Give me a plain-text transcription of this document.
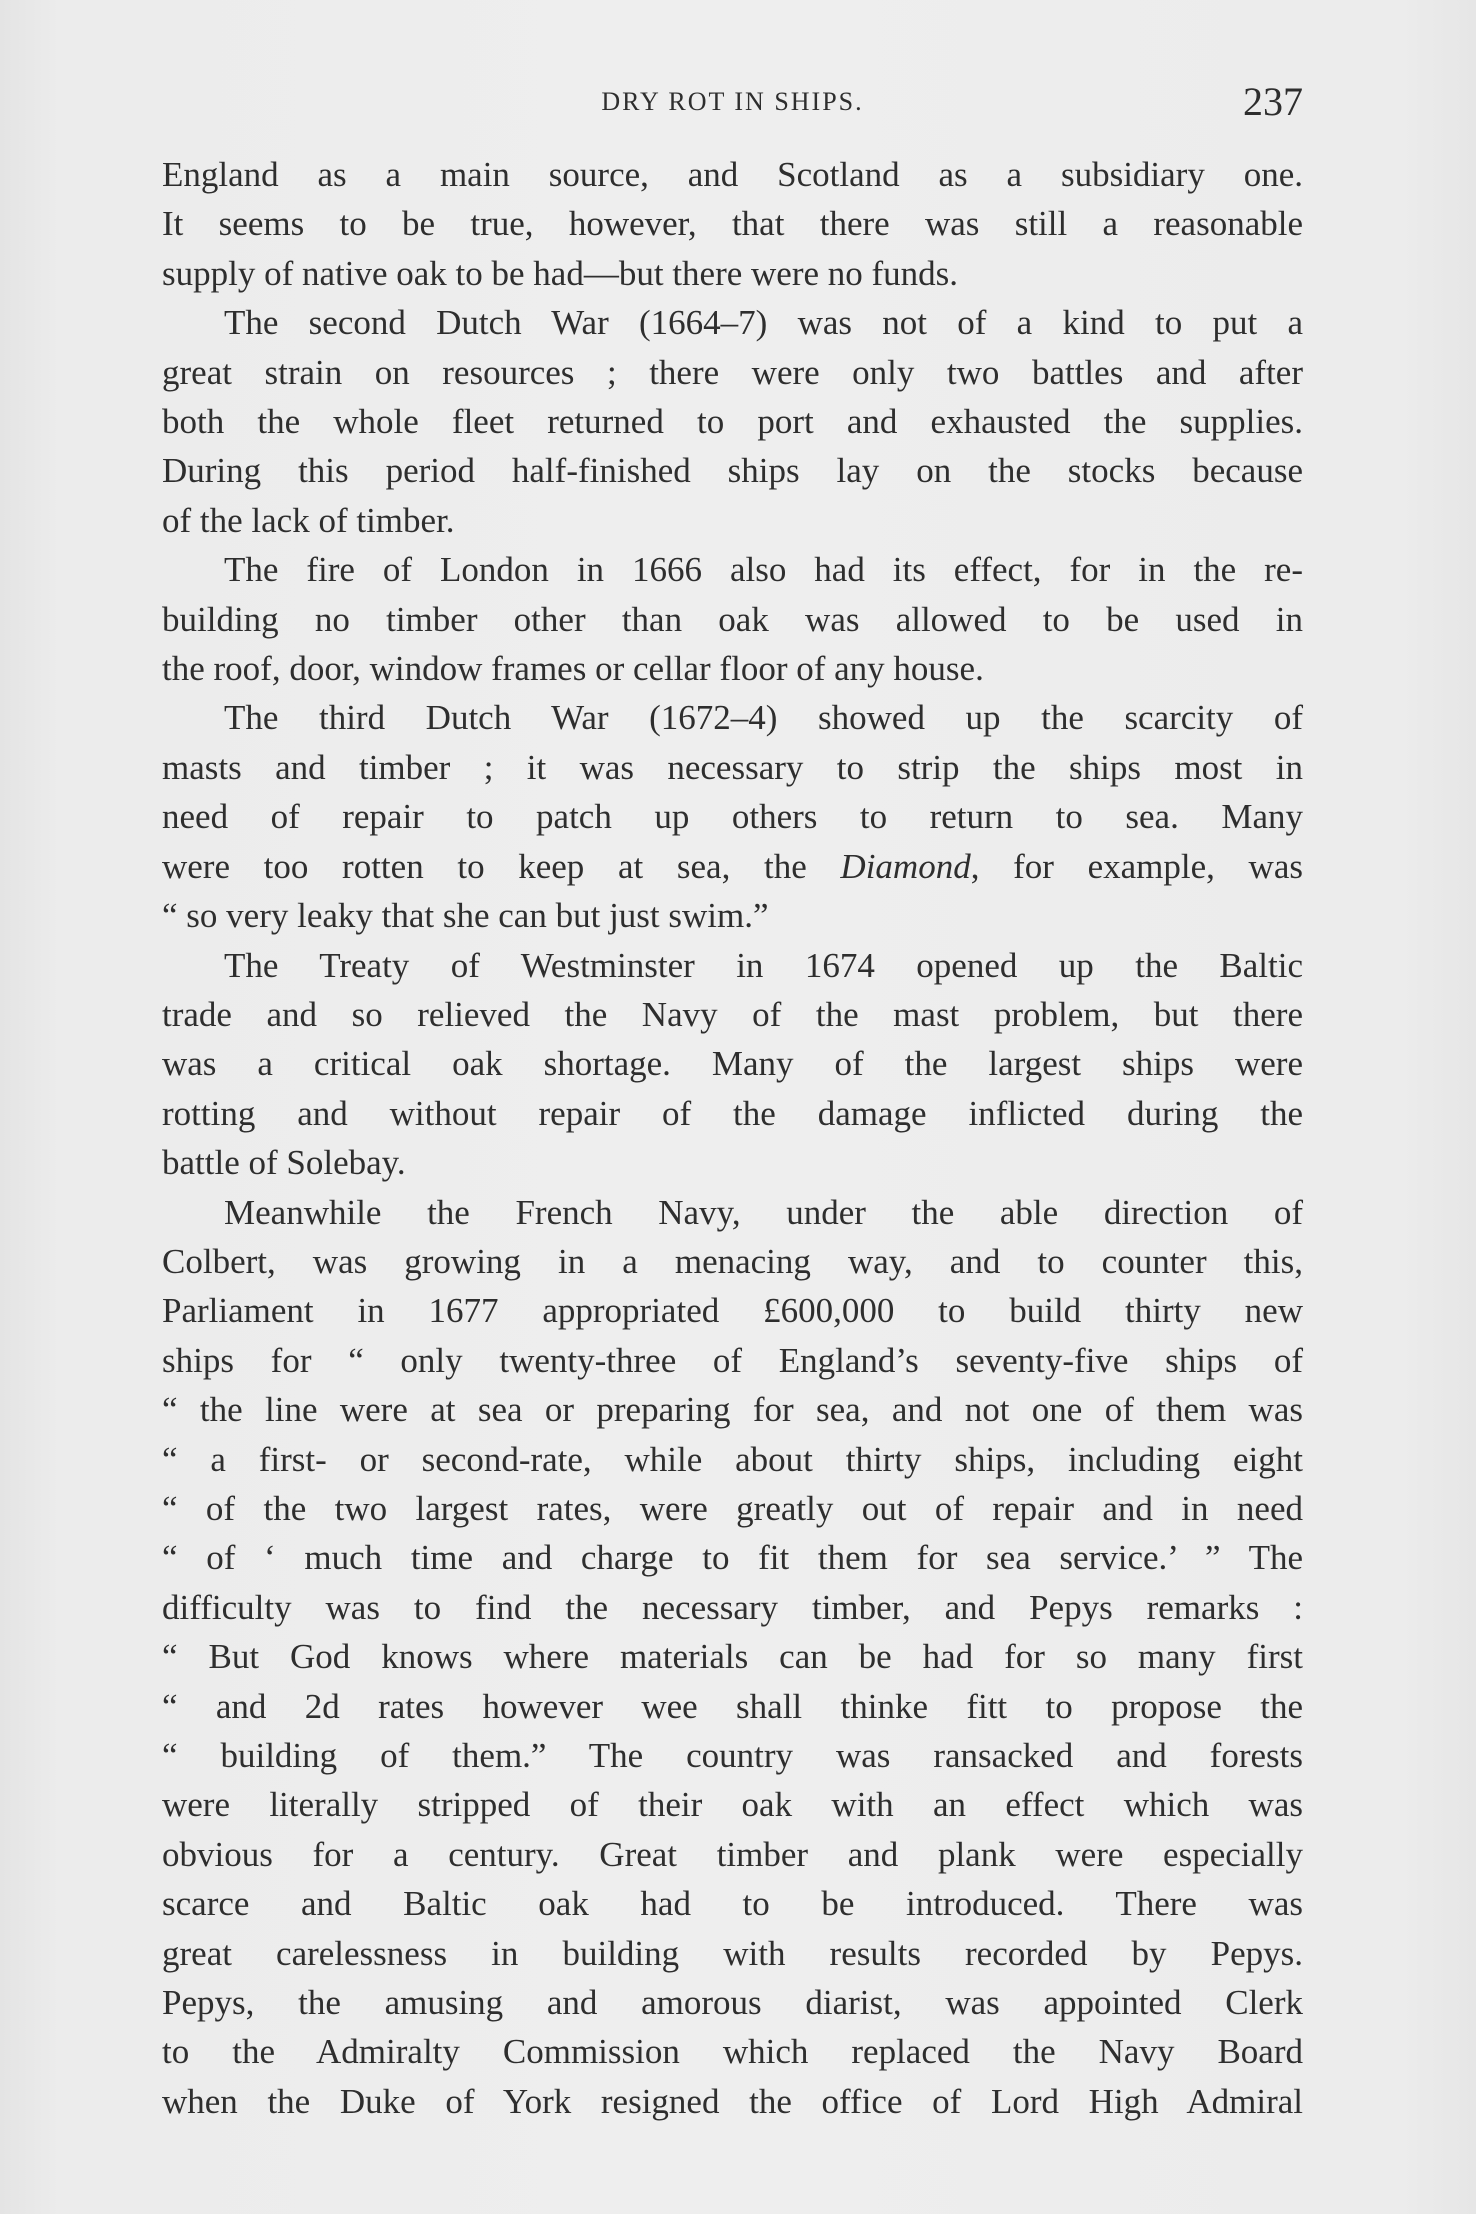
DRY ROT IN SHIPS.	237
England as a main source, and Scotland as a subsidiary one.
It seems to be true, however, that there was still a reasonable
supply of native oak to be had—but there were no funds.
The second Dutch War (1664–7) was not of a kind to put a
great strain on resources ; there were only two battles and after
both the whole fleet returned to port and exhausted the supplies.
During this period half-finished ships lay on the stocks because
of the lack of timber.
The fire of London in 1666 also had its effect, for in the re-
building no timber other than oak was allowed to be used in
the roof, door, window frames or cellar floor of any house.
The third Dutch War (1672–4) showed up the scarcity of
masts and timber ; it was necessary to strip the ships most in
need of repair to patch up others to return to sea. Many
were too rotten to keep at sea, the Diamond, for example, was
“ so very leaky that she can but just swim.”
The Treaty of Westminster in 1674 opened up the Baltic
trade and so relieved the Navy of the mast problem, but there
was a critical oak shortage. Many of the largest ships were
rotting and without repair of the damage inflicted during the
battle of Solebay.
Meanwhile the French Navy, under the able direction of
Colbert, was growing in a menacing way, and to counter this,
Parliament in 1677 appropriated £600,000 to build thirty new
ships for “ only twenty-three of England’s seventy-five ships of
“ the line were at sea or preparing for sea, and not one of them was
“ a first- or second-rate, while about thirty ships, including eight
“ of the two largest rates, were greatly out of repair and in need
“ of ‘ much time and charge to fit them for sea service.’ ” The
difficulty was to find the necessary timber, and Pepys remarks :
“ But God knows where materials can be had for so many first
“ and 2d rates however wee shall thinke fitt to propose the
“ building of them.” The country was ransacked and forests
were literally stripped of their oak with an effect which was
obvious for a century. Great timber and plank were especially
scarce and Baltic oak had to be introduced. There was
great carelessness in building with results recorded by Pepys.
Pepys, the amusing and amorous diarist, was appointed Clerk
to the Admiralty Commission which replaced the Navy Board
when the Duke of York resigned the office of Lord High Admiral
